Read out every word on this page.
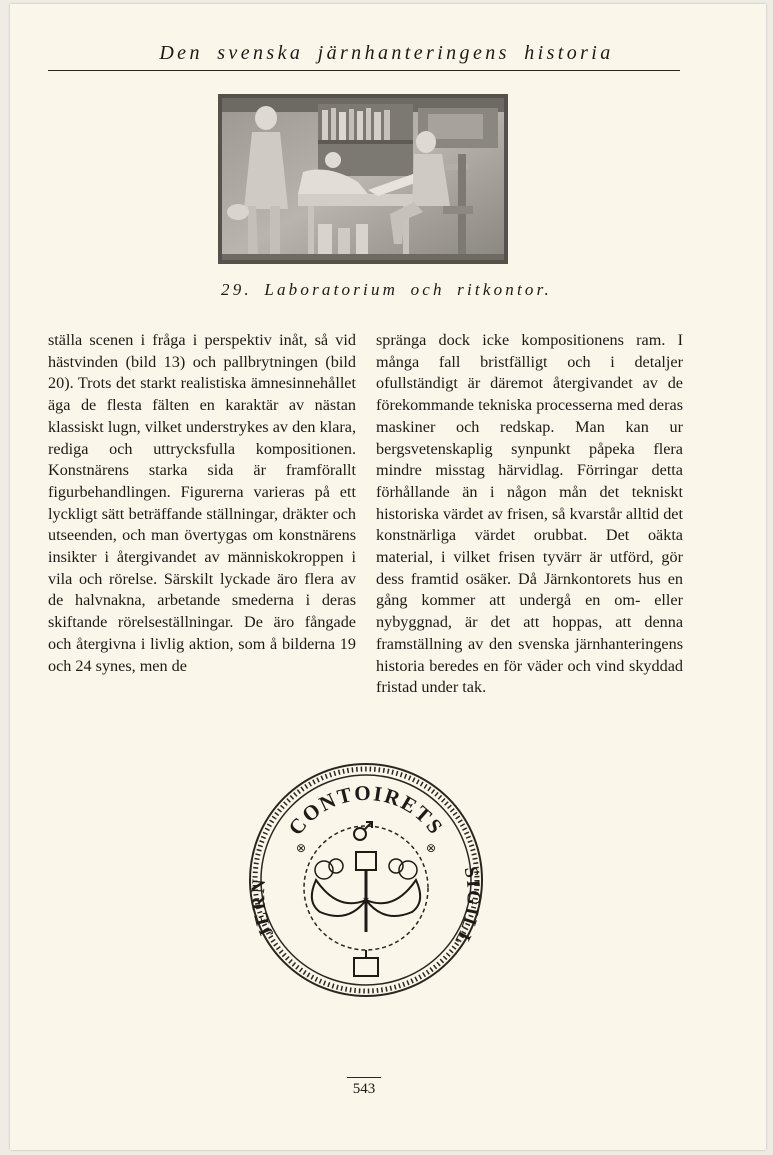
Den svenska järnhanteringens historia
29. Laboratorium och ritkontor.
ställa scenen i fråga i perspektiv inåt, så vid hästvinden (bild 13) och pallbrytningen (bild 20). Trots det starkt realistiska ämnesinnehållet äga de flesta fälten en karaktär av nästan klassiskt lugn, vilket understrykes av den klara, rediga och uttrycksfulla kompositionen. Konstnärens starka sida är framförallt figurbehandlingen. Figurerna varieras på ett lyckligt sätt beträffande ställningar, dräkter och utseenden, och man övertygas om konstnärens insikter i återgivandet av människokroppen i vila och rörelse. Särskilt lyckade äro flera av de halvnakna, arbetande smederna i deras skiftande rörelseställningar. De äro fångade och återgivna i livlig aktion, som å bilderna 19 och 24 synes, men de
spränga dock icke kompositionens ram. I många fall bristfälligt och i detaljer ofullständigt är däremot återgivandet av de förekommande tekniska processerna med deras maskiner och redskap. Man kan ur bergsvetenskaplig synpunkt påpeka flera mindre misstag härvidlag. Förringar detta förhållande än i någon mån det tekniskt historiska värdet av frisen, så kvarstår alltid det konstnärliga värdet orubbat. Det oäkta material, i vilket frisen tyvärr är utförd, gör dess framtid osäker. Då Järnkontorets hus en gång kommer att undergå en om- eller nybyggnad, är det att hoppas, att denna framställning av den svenska järnhanteringens historia beredes en för väder och vind skyddad fristad under tak.
CONTOIRETS
JERN
SIGILL
⊗	⊗
543
